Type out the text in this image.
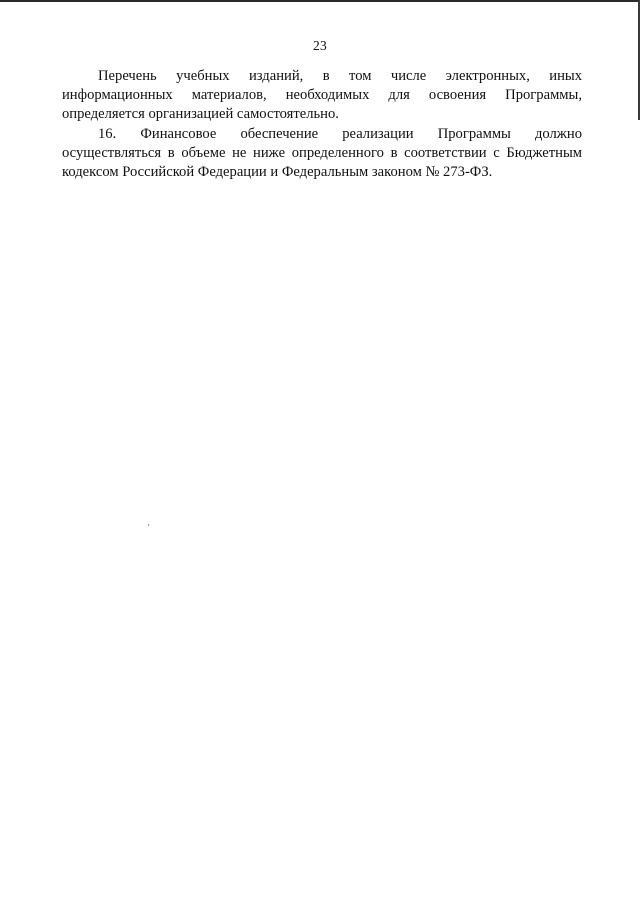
23

Перечень учебных изданий, в том числе электронных, иных информационных материалов, необходимых для освоения Программы, определяется организацией самостоятельно.

16. Финансовое обеспечение реализации Программы должно осуществляться в объеме не ниже определенного в соответствии с Бюджетным кодексом Российской Федерации и Федеральным законом № 273-ФЗ.
